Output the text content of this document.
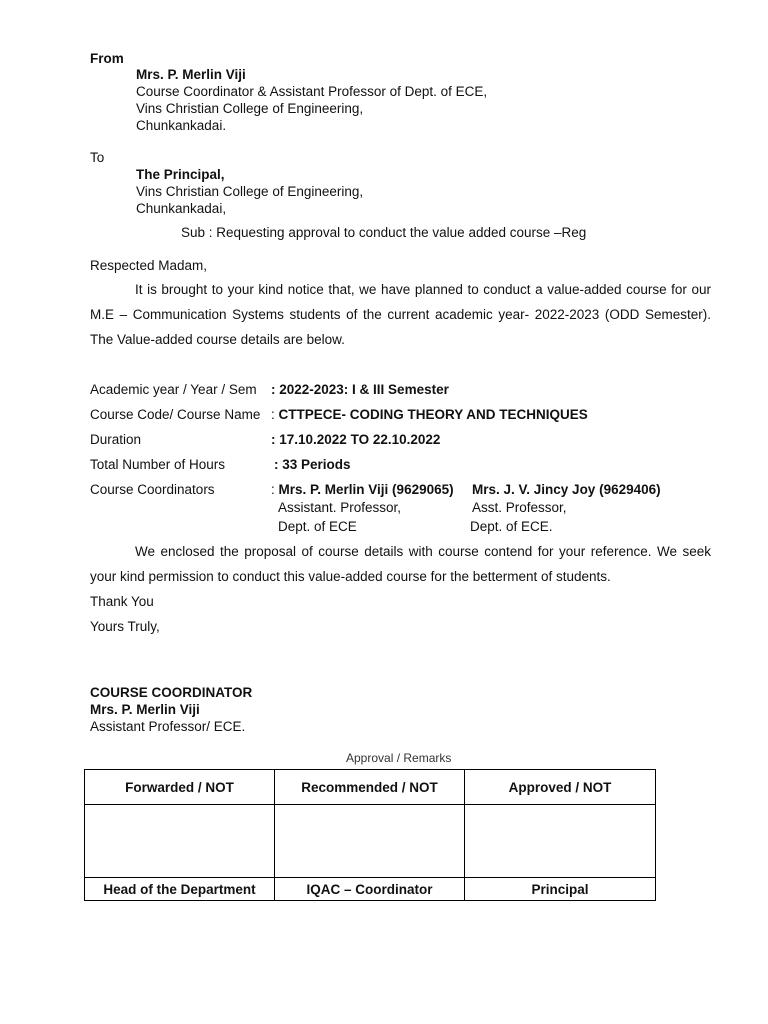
From
Mrs. P. Merlin Viji
Course Coordinator & Assistant Professor of Dept. of ECE,
Vins Christian College of Engineering,
Chunkankadai.
To
The Principal,
Vins Christian College of Engineering,
Chunkankadai,
Sub : Requesting approval to conduct the value added course –Reg
Respected Madam,
It is brought to your kind notice that, we have planned to conduct a value-added course for our M.E – Communication Systems students of the current academic year- 2022-2023 (ODD Semester). The Value-added course details are below.
Academic year / Year / Sem : 2022-2023: I & III Semester
Course Code/ Course Name : CTTPECE- CODING THEORY AND TECHNIQUES
Duration	: 17.10.2022 TO 22.10.2022
Total Number of Hours	: 33 Periods
Course Coordinators	: Mrs. P. Merlin Viji (9629065)
Assistant. Professor,
Dept. of ECE
Mrs. J. V. Jincy Joy (9629406)
Asst. Professor,
Dept. of ECE.
We enclosed the proposal of course details with course contend for your reference. We seek your kind permission to conduct this value-added course for the betterment of students.
Thank You
Yours Truly,
COURSE COORDINATOR
Mrs. P. Merlin Viji
Assistant Professor/ ECE.
Approval / Remarks
Forwarded / NOT	Recommended / NOT	Approved / NOT

Head of the Department	IQAC – Coordinator	Principal
